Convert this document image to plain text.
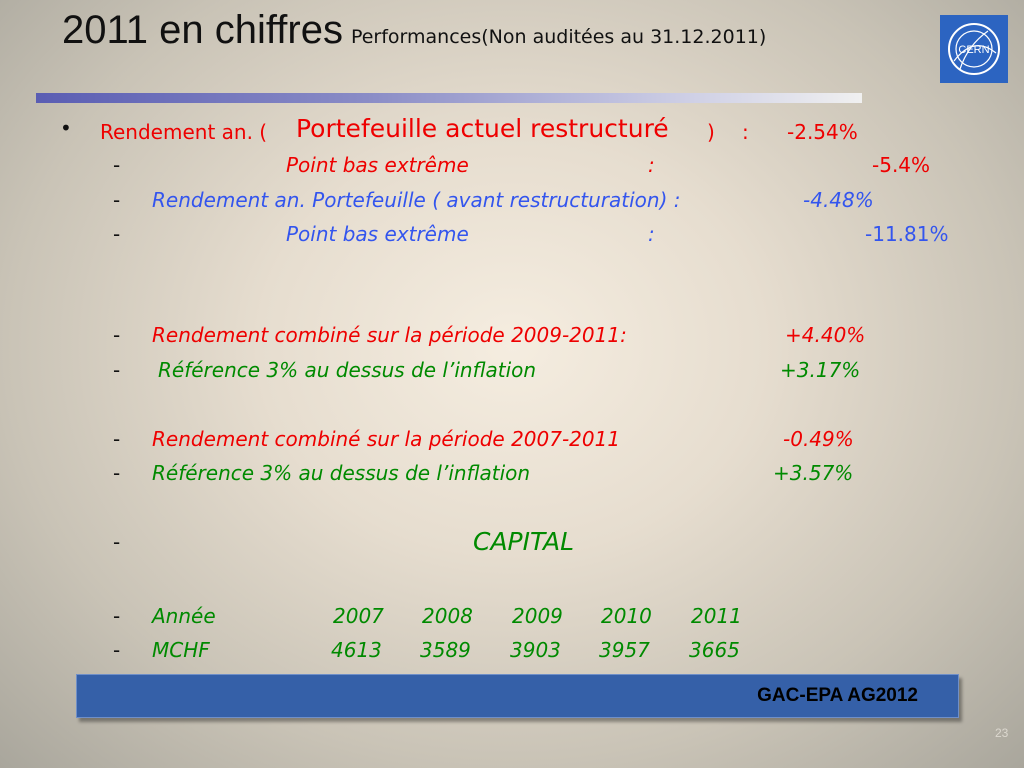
2011 en chiffres Performances(Non auditées au 31.12.2011)
CERN
• Rendement an. ( Portefeuille actuel restructuré ) : -2.54%
-	Point bas extrême	:	-5.4%
- Rendement an. Portefeuille ( avant restructuration) :	-4.48%
-	Point bas extrême	:	-11.81%
- Rendement combiné sur la période 2009-2011:	+4.40%
- Référence 3% au dessus de l’inflation	+3.17%
- Rendement combiné sur la période 2007-2011	-0.49%
- Référence 3% au dessus de l’inflation	+3.57%
-	CAPITAL
- Année	2007 2008 2009 2010 2011
- MCHF	4613 3589 3903 3957 3665
GAC-EPA AG2012
23
